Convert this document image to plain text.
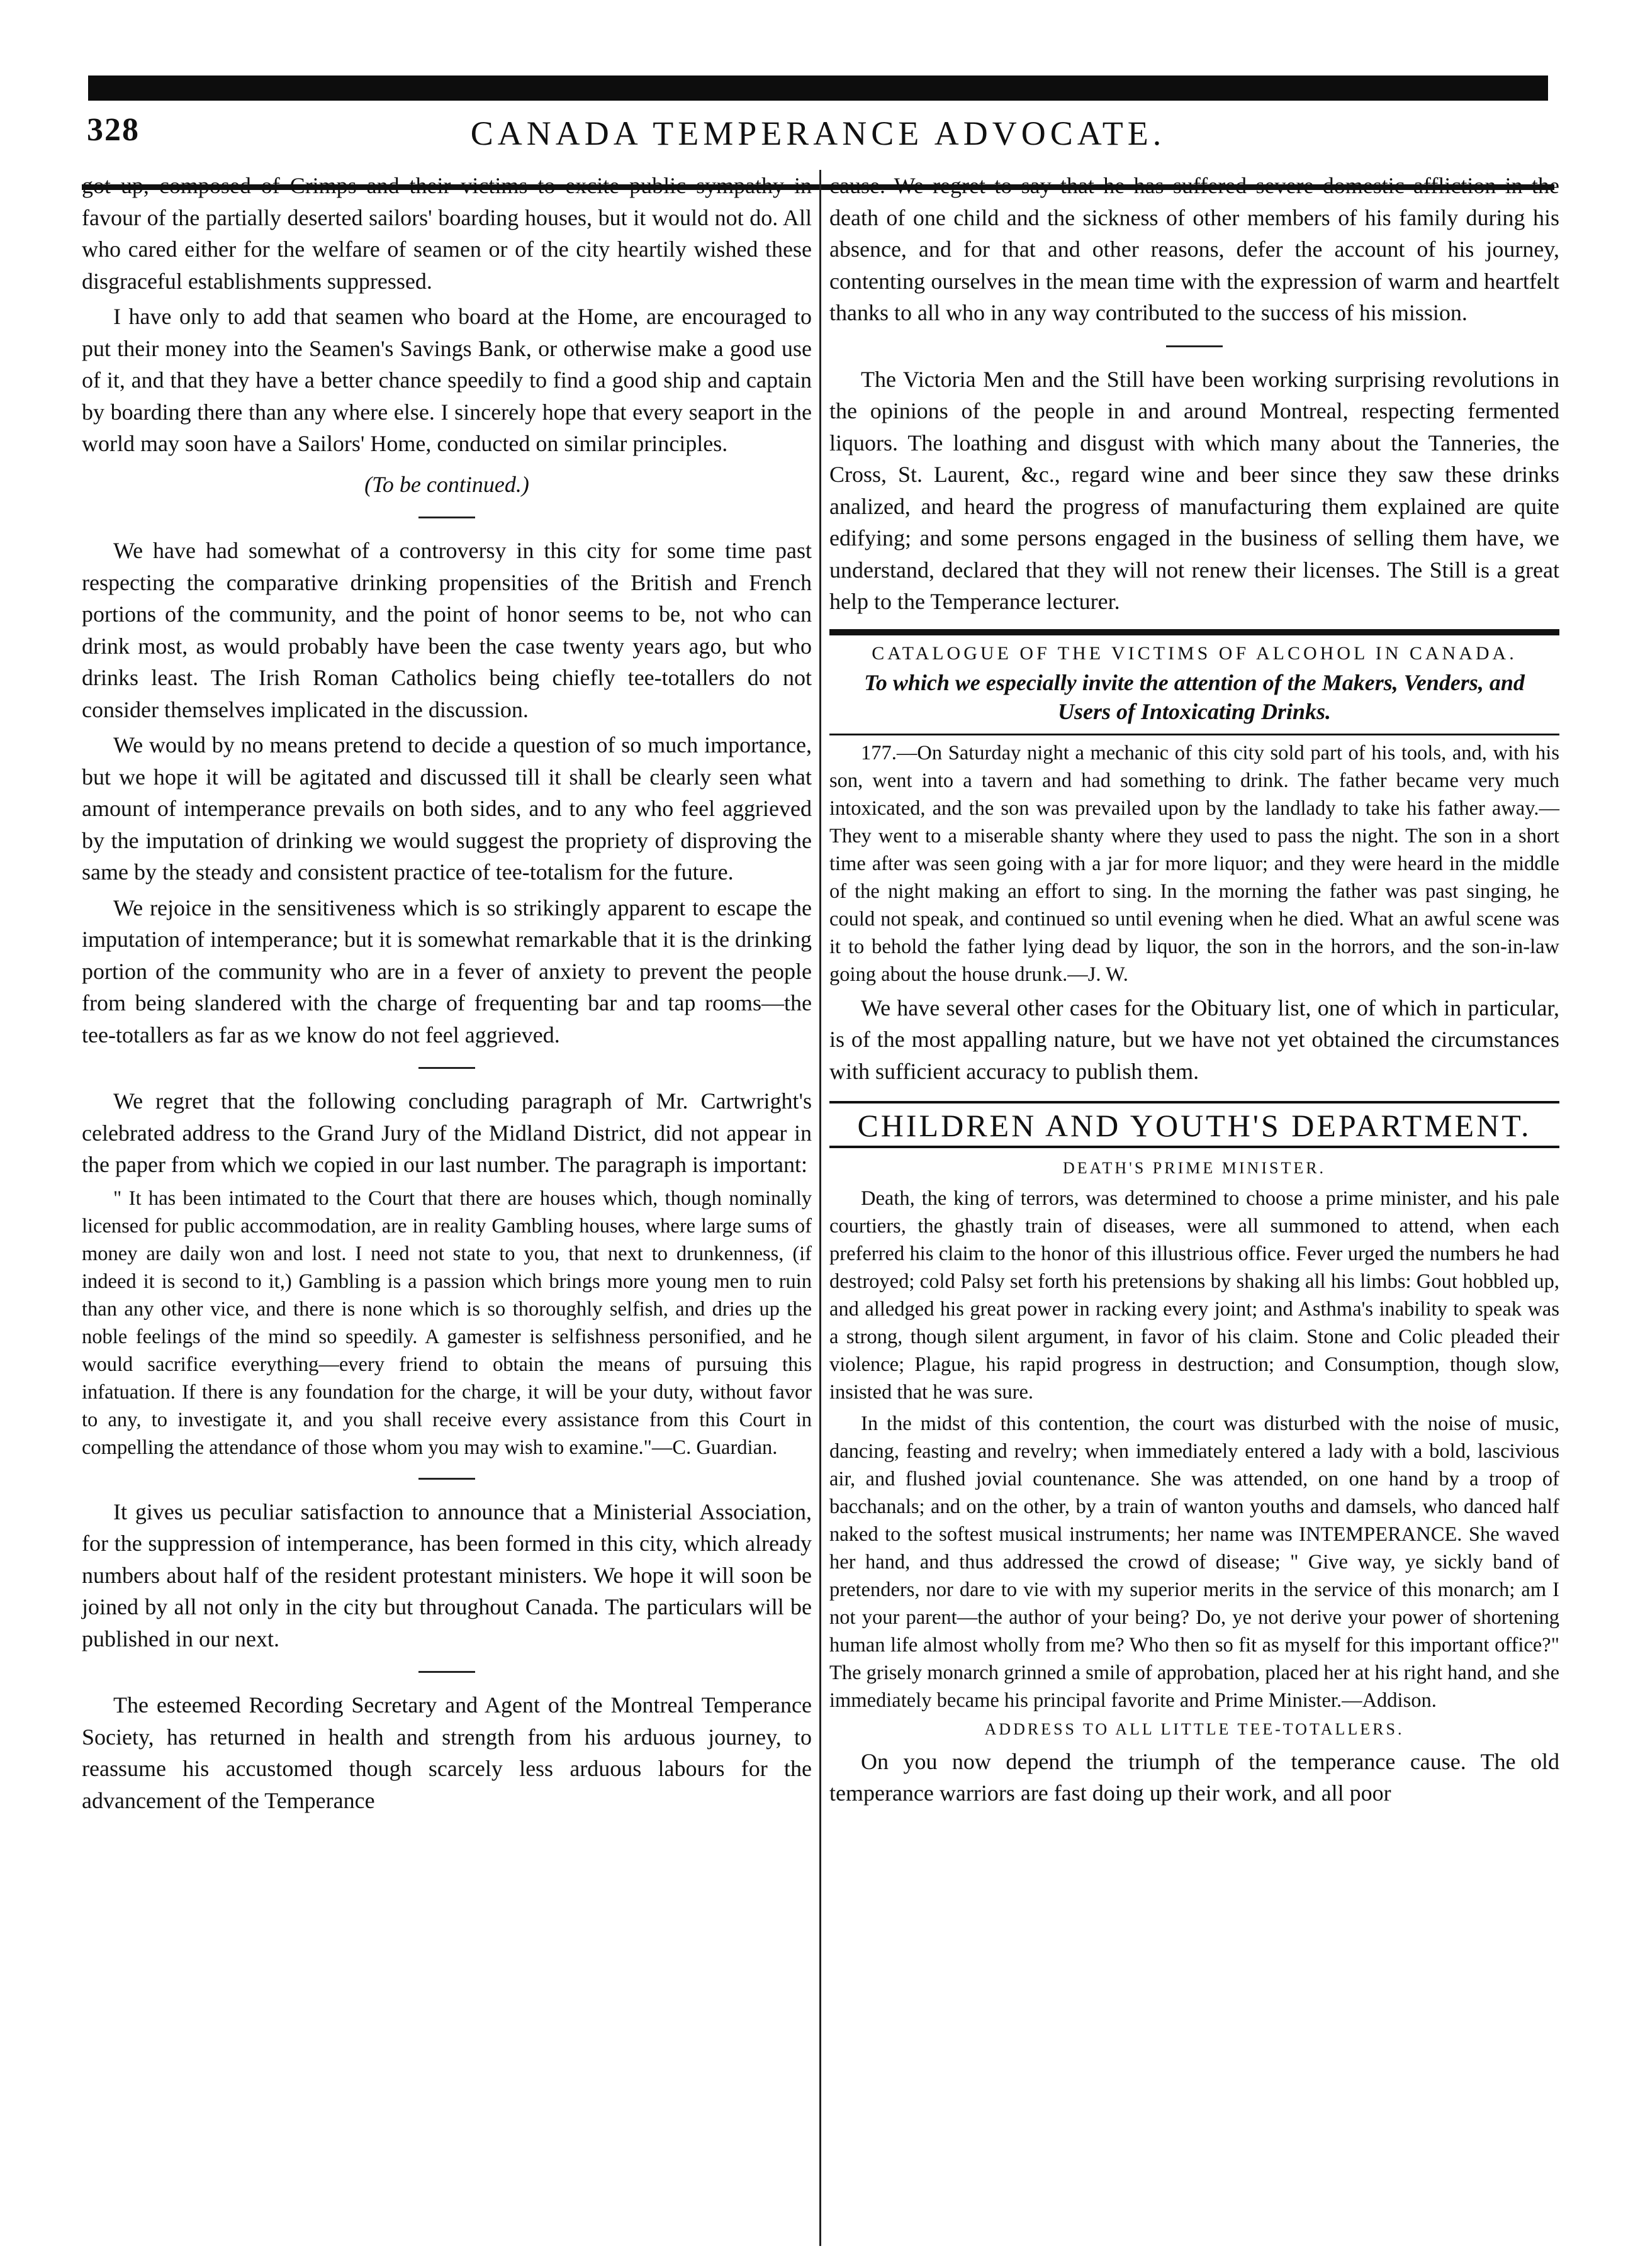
328	CANADA TEMPERANCE ADVOCATE.

got up, composed of Crimps and their victims to excite public sympathy in favour of the partially deserted sailors' boarding houses, but it would not do. All who cared either for the welfare of seamen or of the city heartily wished these disgraceful establishments suppressed.

I have only to add that seamen who board at the Home, are encouraged to put their money into the Seamen's Savings Bank, or otherwise make a good use of it, and that they have a better chance speedily to find a good ship and captain by boarding there than any where else. I sincerely hope that every seaport in the world may soon have a Sailors' Home, conducted on similar principles.

(To be continued.)

We have had somewhat of a controversy in this city for some time past respecting the comparative drinking propensities of the British and French portions of the community, and the point of honor seems to be, not who can drink most, as would probably have been the case twenty years ago, but who drinks least. The Irish Roman Catholics being chiefly tee-totallers do not consider themselves implicated in the discussion.

We would by no means pretend to decide a question of so much importance, but we hope it will be agitated and discussed till it shall be clearly seen what amount of intemperance prevails on both sides, and to any who feel aggrieved by the imputation of drinking we would suggest the propriety of disproving the same by the steady and consistent practice of tee-totalism for the future.

We rejoice in the sensitiveness which is so strikingly apparent to escape the imputation of intemperance; but it is somewhat remarkable that it is the drinking portion of the community who are in a fever of anxiety to prevent the people from being slandered with the charge of frequenting bar and tap rooms—the tee-totallers as far as we know do not feel aggrieved.

We regret that the following concluding paragraph of Mr. Cartwright's celebrated address to the Grand Jury of the Midland District, did not appear in the paper from which we copied in our last number. The paragraph is important:

" It has been intimated to the Court that there are houses which, though nominally licensed for public accommodation, are in reality Gambling houses, where large sums of money are daily won and lost. I need not state to you, that next to drunkenness, (if indeed it is second to it,) Gambling is a passion which brings more young men to ruin than any other vice, and there is none which is so thoroughly selfish, and dries up the noble feelings of the mind so speedily. A gamester is selfishness personified, and he would sacrifice everything—every friend to obtain the means of pursuing this infatuation. If there is any foundation for the charge, it will be your duty, without favor to any, to investigate it, and you shall receive every assistance from this Court in compelling the attendance of those whom you may wish to examine."—C. Guardian.

It gives us peculiar satisfaction to announce that a Ministerial Association, for the suppression of intemperance, has been formed in this city, which already numbers about half of the resident protestant ministers. We hope it will soon be joined by all not only in the city but throughout Canada. The particulars will be published in our next.

The esteemed Recording Secretary and Agent of the Montreal Temperance Society, has returned in health and strength from his arduous journey, to reassume his accustomed though scarcely less arduous labours for the advancement of the Temperance

cause. We regret to say that he has suffered severe domestic affliction in the death of one child and the sickness of other members of his family during his absence, and for that and other reasons, defer the account of his journey, contenting ourselves in the mean time with the expression of warm and heartfelt thanks to all who in any way contributed to the success of his mission.

The Victoria Men and the Still have been working surprising revolutions in the opinions of the people in and around Montreal, respecting fermented liquors. The loathing and disgust with which many about the Tanneries, the Cross, St. Laurent, &c., regard wine and beer since they saw these drinks analized, and heard the progress of manufacturing them explained are quite edifying; and some persons engaged in the business of selling them have, we understand, declared that they will not renew their licenses. The Still is a great help to the Temperance lecturer.

CATALOGUE OF THE VICTIMS OF ALCOHOL IN CANADA.
To which we especially invite the attention of the Makers, Venders, and Users of Intoxicating Drinks.

177.—On Saturday night a mechanic of this city sold part of his tools, and, with his son, went into a tavern and had something to drink. The father became very much intoxicated, and the son was prevailed upon by the landlady to take his father away.—They went to a miserable shanty where they used to pass the night. The son in a short time after was seen going with a jar for more liquor; and they were heard in the middle of the night making an effort to sing. In the morning the father was past singing, he could not speak, and continued so until evening when he died. What an awful scene was it to behold the father lying dead by liquor, the son in the horrors, and the son-in-law going about the house drunk.—J. W.

We have several other cases for the Obituary list, one of which in particular, is of the most appalling nature, but we have not yet obtained the circumstances with sufficient accuracy to publish them.

CHILDREN AND YOUTH'S DEPARTMENT.
DEATH'S PRIME MINISTER.

Death, the king of terrors, was determined to choose a prime minister, and his pale courtiers, the ghastly train of diseases, were all summoned to attend, when each preferred his claim to the honor of this illustrious office. Fever urged the numbers he had destroyed; cold Palsy set forth his pretensions by shaking all his limbs: Gout hobbled up, and alledged his great power in racking every joint; and Asthma's inability to speak was a strong, though silent argument, in favor of his claim. Stone and Colic pleaded their violence; Plague, his rapid progress in destruction; and Consumption, though slow, insisted that he was sure.

In the midst of this contention, the court was disturbed with the noise of music, dancing, feasting and revelry; when immediately entered a lady with a bold, lascivious air, and flushed jovial countenance. She was attended, on one hand by a troop of bacchanals; and on the other, by a train of wanton youths and damsels, who danced half naked to the softest musical instruments; her name was INTEMPERANCE. She waved her hand, and thus addressed the crowd of disease; " Give way, ye sickly band of pretenders, nor dare to vie with my superior merits in the service of this monarch; am I not your parent—the author of your being? Do, ye not derive your power of shortening human life almost wholly from me? Who then so fit as myself for this important office?" The grisely monarch grinned a smile of approbation, placed her at his right hand, and she immediately became his principal favorite and Prime Minister.—Addison.

ADDRESS TO ALL LITTLE TEE-TOTALLERS.

On you now depend the triumph of the temperance cause. The old temperance warriors are fast doing up their work, and all poor
